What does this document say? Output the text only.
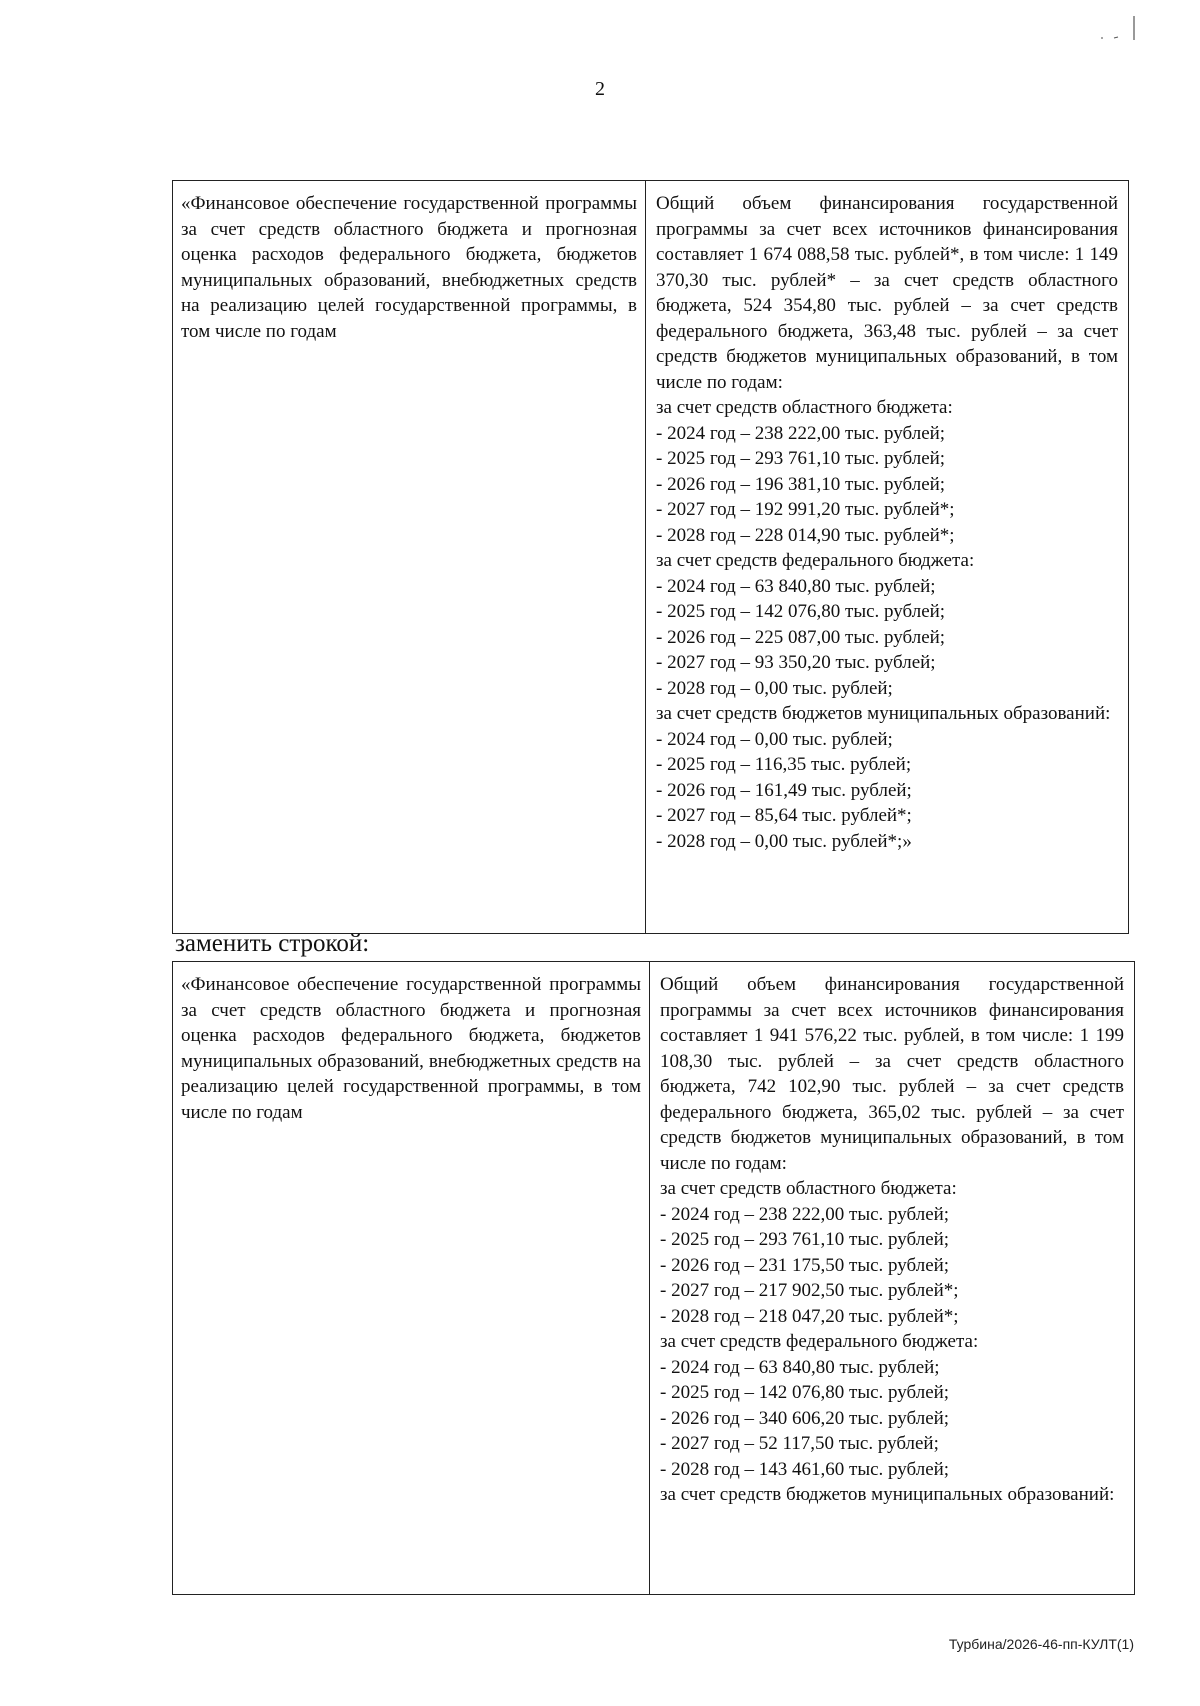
2
«Финансовое обеспечение государственной программы за счет средств областного бюджета и прогнозная оценка расходов федерального бюджета, бюджетов муниципальных образований, внебюджетных средств на реализацию целей государственной программы, в том числе по годам

Общий объем финансирования государственной программы за счет всех источников финансирования составляет 1 674 088,58 тыс. рублей*, в том числе: 1 149 370,30 тыс. рублей* – за счет средств областного бюджета, 524 354,80 тыс. рублей – за счет средств федерального бюджета, 363,48 тыс. рублей – за счет средств бюджетов муниципальных образований, в том числе по годам:
за счет средств областного бюджета:
- 2024 год – 238 222,00 тыс. рублей;
- 2025 год – 293 761,10 тыс. рублей;
- 2026 год – 196 381,10 тыс. рублей;
- 2027 год – 192 991,20 тыс. рублей*;
- 2028 год – 228 014,90 тыс. рублей*;
за счет средств федерального бюджета:
- 2024 год – 63 840,80 тыс. рублей;
- 2025 год – 142 076,80 тыс. рублей;
- 2026 год – 225 087,00 тыс. рублей;
- 2027 год – 93 350,20 тыс. рублей;
- 2028 год – 0,00 тыс. рублей;
за счет средств бюджетов муниципальных образований:
- 2024 год – 0,00 тыс. рублей;
- 2025 год – 116,35 тыс. рублей;
- 2026 год – 161,49 тыс. рублей;
- 2027 год – 85,64 тыс. рублей*;
- 2028 год – 0,00 тыс. рублей*;»
заменить строкой:
«Финансовое обеспечение государственной программы за счет средств областного бюджета и прогнозная оценка расходов федерального бюджета, бюджетов муниципальных образований, внебюджетных средств на реализацию целей государственной программы, в том числе по годам

Общий объем финансирования государственной программы за счет всех источников финансирования составляет 1 941 576,22 тыс. рублей, в том числе: 1 199 108,30 тыс. рублей – за счет средств областного бюджета, 742 102,90 тыс. рублей – за счет средств федерального бюджета, 365,02 тыс. рублей – за счет средств бюджетов муниципальных образований, в том числе по годам:
за счет средств областного бюджета:
- 2024 год – 238 222,00 тыс. рублей;
- 2025 год – 293 761,10 тыс. рублей;
- 2026 год – 231 175,50 тыс. рублей;
- 2027 год – 217 902,50 тыс. рублей*;
- 2028 год – 218 047,20 тыс. рублей*;
за счет средств федерального бюджета:
- 2024 год – 63 840,80 тыс. рублей;
- 2025 год – 142 076,80 тыс. рублей;
- 2026 год – 340 606,20 тыс. рублей;
- 2027 год – 52 117,50 тыс. рублей;
- 2028 год – 143 461,60 тыс. рублей;
за счет средств бюджетов муниципальных образований:
Турбина/2026-46-пп-КУЛТ(1)
